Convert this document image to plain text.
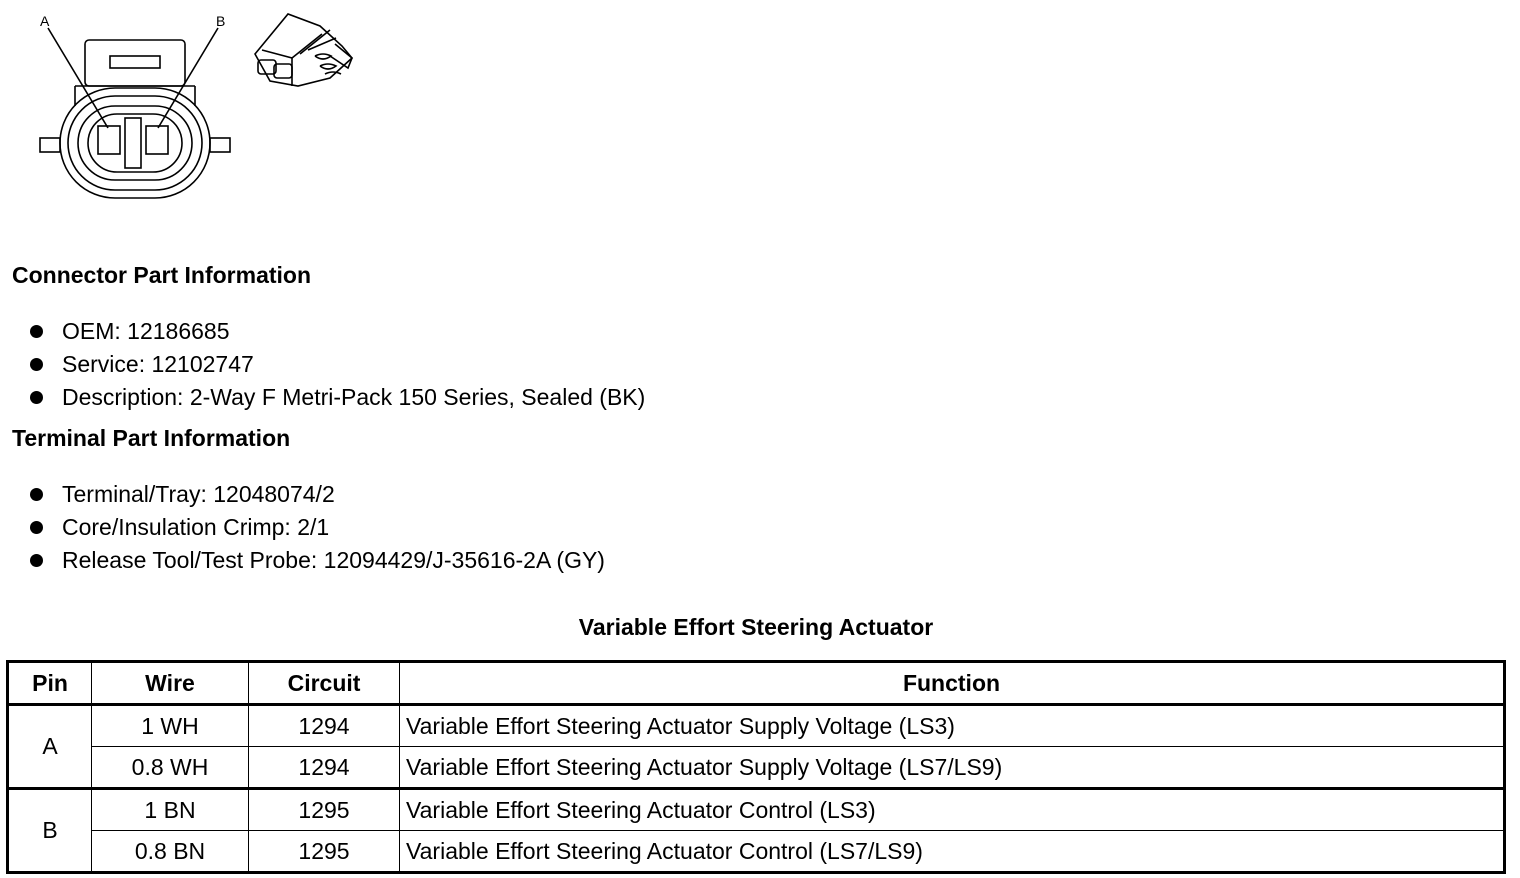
A	B
Connector Part Information
OEM: 12186685
Service: 12102747
Description: 2-Way F Metri-Pack 150 Series, Sealed (BK)
Terminal Part Information
Terminal/Tray: 12048074/2
Core/Insulation Crimp: 2/1
Release Tool/Test Probe: 12094429/J-35616-2A (GY)
Variable Effort Steering Actuator
Pin	Wire	Circuit	Function
A	1 WH	1294	Variable Effort Steering Actuator Supply Voltage (LS3)
	0.8 WH	1294	Variable Effort Steering Actuator Supply Voltage (LS7/LS9)
B	1 BN	1295	Variable Effort Steering Actuator Control (LS3)
	0.8 BN	1295	Variable Effort Steering Actuator Control (LS7/LS9)
